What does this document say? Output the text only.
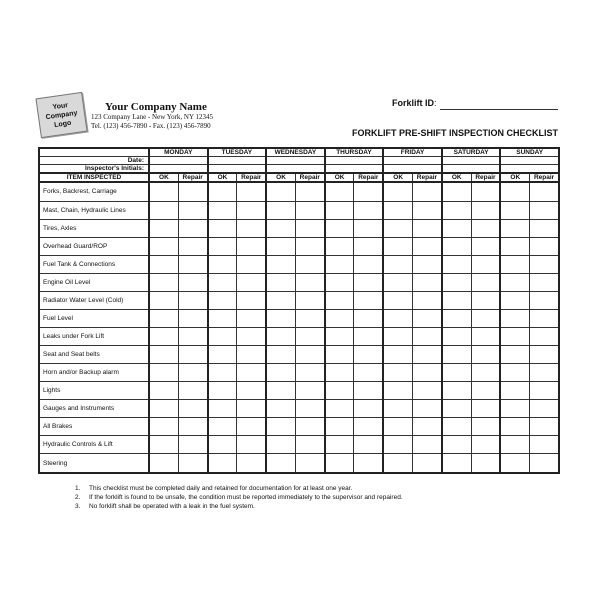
Your
Company
Logo
Your Company Name
123 Company Lane - New York, NY 12345
Tel. (123) 456-7890 - Fax. (123) 456-7890
Forklift ID:
FORKLIFT PRE-SHIFT INSPECTION CHECKLIST
	MONDAY		TUESDAY		WEDNESDAY		THURSDAY		FRIDAY		SATURDAY		SUNDAY	
Date:														
Inspector's Initials:														
ITEM INSPECTED	OK	Repair	OK	Repair	OK	Repair	OK	Repair	OK	Repair	OK	Repair	OK	Repair
Forks, Backrest, Carriage														
Mast, Chain, Hydraulic Lines														
Tires, Axles														
Overhead Guard/ROP														
Fuel Tank & Connections														
Engine Oil Level														
Radiator Water Level (Cold)														
Fuel Level														
Leaks under Fork Lift														
Seat and Seat belts														
Horn and/or Backup alarm														
Lights														
Gauges and Instruments														
All Brakes														
Hydraulic Controls & Lift														
Steering														
1. This checklist must be completed daily and retained for documentation for at least one year.
2. If the forklift is found to be unsafe, the condition must be reported immediately to the supervisor and repaired.
3. No forklift shall be operated with a leak in the fuel system.
